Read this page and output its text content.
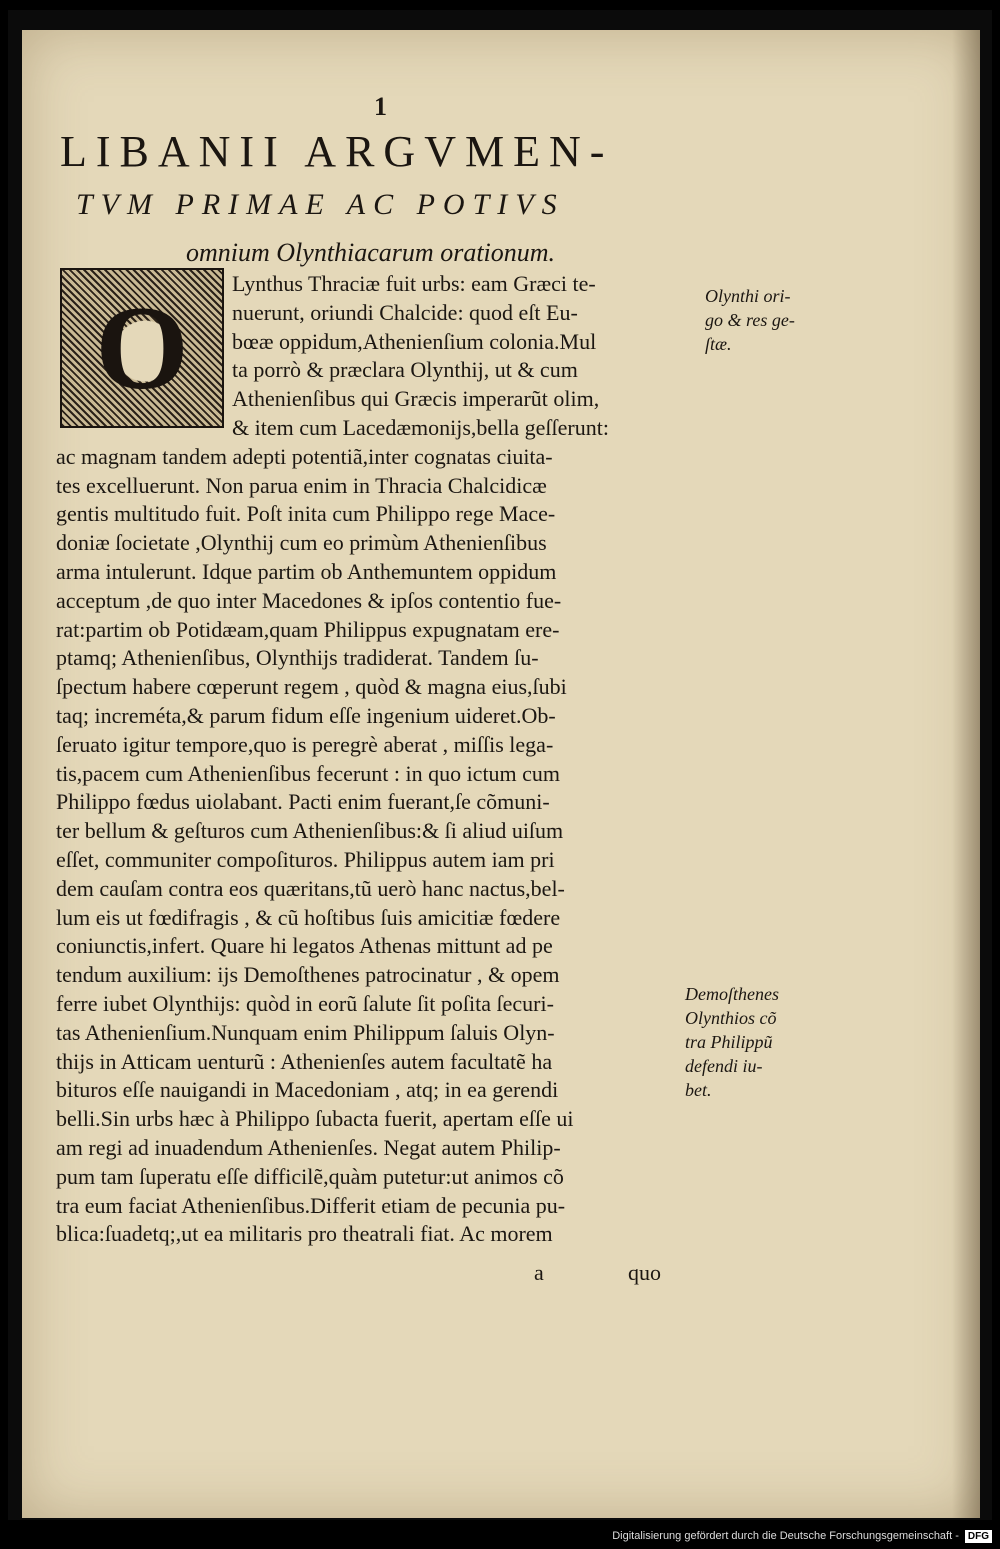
1
LIBANII ARGVMEN-
TVM PRIMAE AC POTIVS
omnium Olynthiacarum orationum.
O	Lynthus Thraciæ fuit urbs: eam Græci te-
nuerunt, oriundi Chalcide: quod eſt Eu-
bœæ oppidum,Athenienſium colonia.Mul
ta porrò & præclara Olynthij, ut & cum
Athenienſibus qui Græcis imperarũt olim,
& item cum Lacedæmonijs,bella geſſerunt:
ac magnam tandem adepti potentiã,inter cognatas ciuita-
tes excelluerunt. Non parua enim in Thracia Chalcidicæ
gentis multitudo fuit. Poſt inita cum Philippo rege Mace-
doniæ ſocietate ,Olynthij cum eo primùm Athenienſibus
arma intulerunt. Idque partim ob Anthemuntem oppidum
acceptum ,de quo inter Macedones & ipſos contentio fue-
rat:partim ob Potidæam,quam Philippus expugnatam ere-
ptamq; Athenienſibus, Olynthijs tradiderat. Tandem ſu-
ſpectum habere cœperunt regem , quòd & magna eius,ſubi
taq; increméta,& parum fidum eſſe ingenium uideret.Ob-
ſeruato igitur tempore,quo is peregrè aberat , miſſis lega-
tis,pacem cum Athenienſibus fecerunt : in quo ictum cum
Philippo fœdus uiolabant. Pacti enim fuerant,ſe cõmuni-
ter bellum & geſturos cum Athenienſibus:& ſi aliud uiſum
eſſet, communiter compoſituros. Philippus autem iam pri
dem cauſam contra eos quæritans,tũ uerò hanc nactus,bel-
lum eis ut fœdifragis , & cũ hoſtibus ſuis amicitiæ fœdere
coniunctis,infert. Quare hi legatos Athenas mittunt ad pe
tendum auxilium: ijs Demoſthenes patrocinatur , & opem
ferre iubet Olynthijs: quòd in eorũ ſalute ſit poſita ſecuri-
tas Athenienſium.Nunquam enim Philippum ſaluis Olyn-
thijs in Atticam uenturũ : Athenienſes autem facultatẽ ha
bituros eſſe nauigandi in Macedoniam , atq; in ea gerendi
belli.Sin urbs hæc à Philippo ſubacta fuerit, apertam eſſe ui
am regi ad inuadendum Athenienſes. Negat autem Philip-
pum tam ſuperatu eſſe difficilẽ,quàm putetur:ut animos cõ
tra eum faciat Athenienſibus.Differit etiam de pecunia pu-
blica:ſuadetq;,ut ea militaris pro theatrali fiat. Ac morem
Olynthi ori-
go & res ge-
ſtæ.
Demoſthenes
Olynthios cõ
tra Philippũ
defendi iu-
bet.
a	quo
Digitalisierung gefördert durch die Deutsche Forschungsgemeinschaft - DFG
